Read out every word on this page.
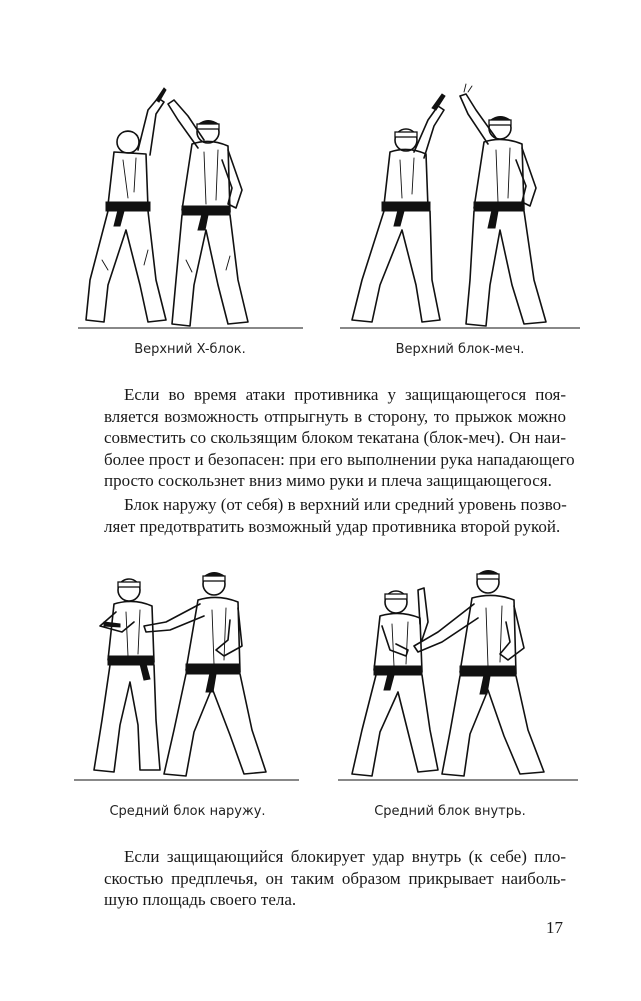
Верхний X-блок.	Верхний блок-меч.
Если во время атаки противника у защищающегося поя-
вляется возможность отпрыгнуть в сторону, то прыжок можно
совместить со скользящим блоком текатана (блок-меч). Он наи-
более прост и безопасен: при его выполнении рука нападающего
просто соскользнет вниз мимо руки и плеча защищающегося.
Блок наружу (от себя) в верхний или средний уровень позво-
ляет предотвратить возможный удар противника второй рукой.
Средний блок наружу.	Средний блок внутрь.
Если защищающийся блокирует удар внутрь (к себе) пло-
скостью предплечья, он таким образом прикрывает наиболь-
шую площадь своего тела.
17
